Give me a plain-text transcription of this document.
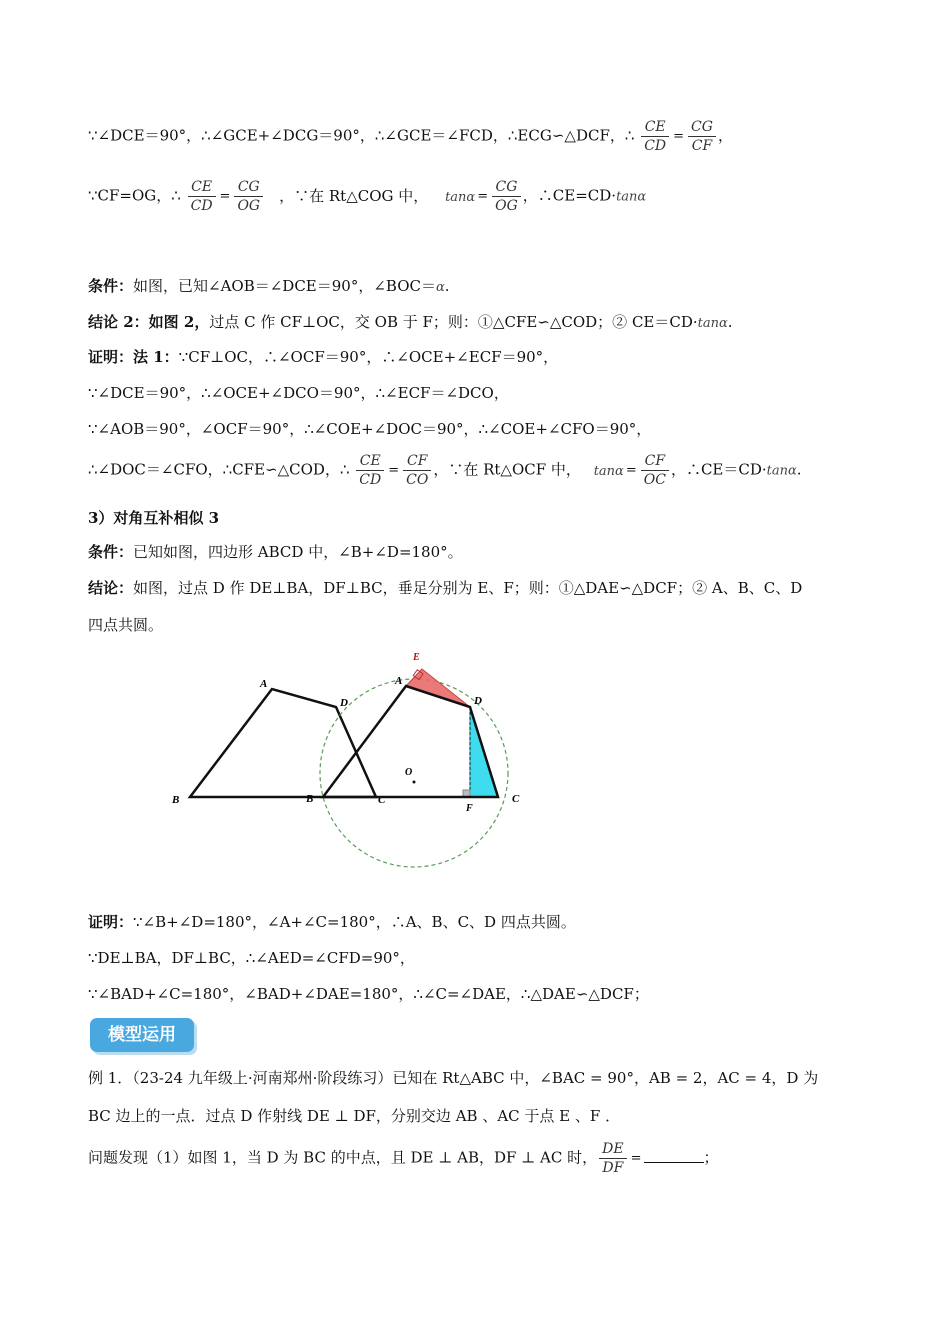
∵∠DCE＝90°，∴∠GCE+∠DCG＝90°，∴∠GCE＝∠FCD，∴ECG∽△DCF，∴ $\frac{CE}{CD} = \frac{CG}{CF}$ ，
∵CF=OG，∴ $\frac{CE}{CD} = \frac{CG}{OG}$ ，∵在 Rt△COG 中， $\tan\alpha = \frac{CG}{OG}$ ，∴CE=CD·tanα
条件：如图，已知∠AOB＝∠DCE＝90°，∠BOC＝α.
结论 2：如图 2，过点 C 作 CF⊥OC，交 OB 于 F；则：①△CFE∽△COD；② CE＝CD·tanα.
证明：法 1：∵CF⊥OC，∴∠OCF＝90°，∴∠OCE+∠ECF＝90°，
∵∠DCE＝90°，∴∠OCE+∠DCO＝90°，∴∠ECF＝∠DCO，
∵∠AOB＝90°，∠OCF＝90°，∴∠COE+∠DOC＝90°，∴∠COE+∠CFO＝90°，
∴∠DOC＝∠CFO，∴CFE∽△COD，∴ $\frac{CE}{CD} = \frac{CF}{CO}$ ，∵在 Rt△OCF 中， $\tan\alpha = \frac{CF}{OC}$ ，∴CE＝CD·tanα.
3）对角互补相似 3
条件：已知如图，四边形 ABCD 中，∠B+∠D=180°。
结论：如图，过点 D 作 DE⊥BA，DF⊥BC，垂足分别为 E、F；则：①△DAE∽△DCF；② A、B、C、D
四点共圆。
B
A
D
C
E
A
D
B	C
F
O
证明：∵∠B+∠D=180°，∠A+∠C=180°，∴A、B、C、D 四点共圆。
∵DE⊥BA，DF⊥BC，∴∠AED=∠CFD=90°，
∵∠BAD+∠C=180°，∠BAD+∠DAE=180°，∴∠C=∠DAE，∴△DAE∽△DCF；
模型运用
例 1．（23-24 九年级上·河南郑州·阶段练习）已知在 Rt△ABC 中，∠BAC = 90°，AB = 2，AC = 4，D 为
BC 边上的一点．过点 D 作射线 DE ⊥ DF，分别交边 AB 、AC 于点 E 、F ．
问题发现（1）如图 1，当 D 为 BC 的中点，且 DE ⊥ AB，DF ⊥ AC 时， $\frac{DE}{DF}$ =	；
